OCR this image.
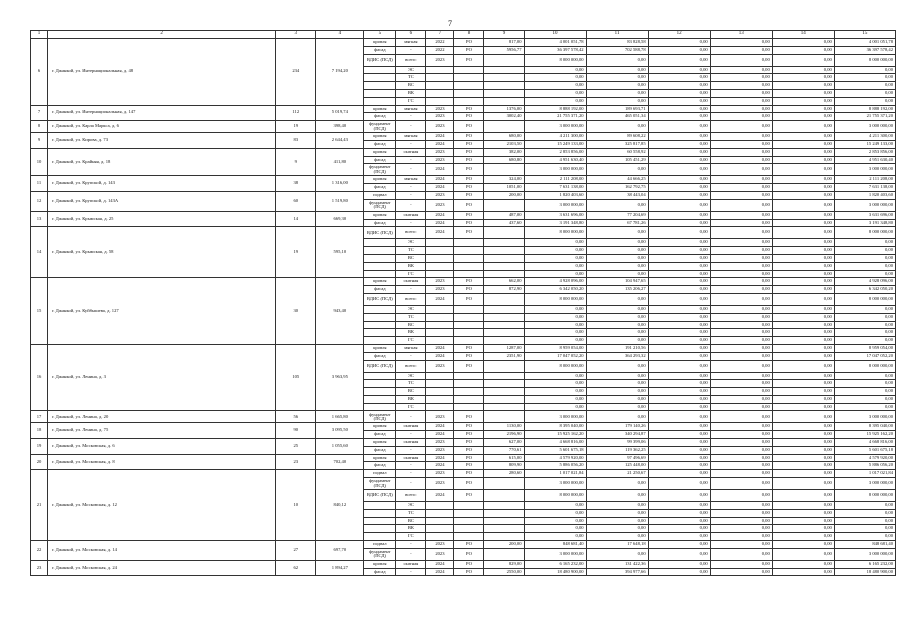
7
1	2	3	4	5	6	7	8	9	10	11	12	13	14	15
6	г. Джанкой, ул. Интернациональная, д. 48	234	7 194,20	кровля	мягкая	2022	РО	817,00	4 001 051,78	83 828,58	0,00	0,00	0,00	4 001 051,78
				фасад	-	2022	РО	5956,77	36 397 578,42	702 588,78	0,00	0,00	0,00	36 397 578,42
				ВДИС (ПСД)	всего:	2023	РО		8 000 000,00	0,00	0,00	0,00	0,00	8 000 000,00
					ЭС				0,00	0,00	0,00	0,00	0,00	0,00
					ТС				0,00	0,00	0,00	0,00	0,00	0,00
					ВС				0,00	0,00	0,00	0,00	0,00	0,00
					ВК				0,00	0,00	0,00	0,00	0,00	0,00
					ГС				0,00	0,00	0,00	0,00	0,00	0,00
7	г. Джанкой, ул. Интернациональная, д. 147	112	5 019,74	кровля	мягкая	2023	РО	1376,00	8 888 192,00	189 693,71	0,00	0,00	0,00	8 888 192,00
				фасад	-	2023	РО	3002,40	21 755 371,20	465 051,34	0,00	0,00	0,00	21 755 371,20
8	г. Джанкой, ул. Карла Маркса, д. 6	19	398,40	фундамент (ПСД)	-	2023	РО		3 000 000,00	0,00	0,00	0,00	0,00	3 000 000,00
9	г. Джанкой, ул. Кирова, д. 73	83	2 644,43	кровля	мягкая	2024	РО	680,00	4 211 300,00	89 608,22	0,00	0,00	0,00	4 211 300,00
				фасад	-	2024	РО	2103,50	15 249 133,00	325 817,85	0,00	0,00	0,00	15 249 133,00
10	г. Джанкой, ул. Крайняя, д. 18	9	411,80	кровля	скатная	2023	РО	382,00	2 853 856,00	60 558,92	0,00	0,00	0,00	2 853 856,00
				фасад	-	2023	РО	680,80	4 951 630,40	105 451,29	0,00	0,00	0,00	4 951 630,40
				фундамент (ПСД)	-	2024	РО		3 000 000,00	0,00	0,00	0,00	0,00	3 000 000,00
11	г. Джанкой, ул. Крупской, д. 143	38	1 316,00	кровля	мягкая	2024	РО	324,00	2 111 208,00	44 666,25	0,00	0,00	0,00	2 111 208,00
				фасад	-	2024	РО	1051,00	7 631 138,00	162 792,75	0,00	0,00	0,00	7 631 138,00
12	г. Джанкой, ул. Крупской, д. 143А	60	1 519,80	подвал	-	2023	РО	200,00	1 820 403,60	38 443,04	0,00	0,00	0,00	1 820 403,60
				фундамент (ПСД)	-	2023	РО		3 000 000,00	0,00	0,00	0,00	0,00	3 000 000,00
13	г. Джанкой, ул. Крымская, д. 25	14	669,30	кровля	скатная	2024	РО	487,00	3 631 696,00	77 204,69	0,00	0,00	0,00	3 631 696,00
				фасад	-	2024	РО	437,60	3 191 348,80	67 781,26	0,00	0,00	0,00	3 191 348,80
14	г. Джанкой, ул. Крымская, д. 58	19	595,10	ВДИС (ПСД)	всего:	2024	РО		8 000 000,00	0,00	0,00	0,00	0,00	8 000 000,00
					ЭС				0,00	0,00	0,00	0,00	0,00	0,00
					ТС				0,00	0,00	0,00	0,00	0,00	0,00
					ВС				0,00	0,00	0,00	0,00	0,00	0,00
					ВК				0,00	0,00	0,00	0,00	0,00	0,00
					ГС				0,00	0,00	0,00	0,00	0,00	0,00
15	г. Джанкой, ул. Куйбышева, д. 127	30	943,40	кровля	скатная	2023	РО	662,00	4 928 096,00	104 947,65	0,00	0,00	0,00	4 928 096,00
				фасад	-	2023	РО	872,90	6 342 050,20	135 206,27	0,00	0,00	0,00	6 342 050,20
				ВДИС (ПСД)	всего:	2024	РО		8 000 000,00	0,00	0,00	0,00	0,00	8 000 000,00
					ЭС				0,00	0,00	0,00	0,00	0,00	0,00
					ТС				0,00	0,00	0,00	0,00	0,00	0,00
					ВС				0,00	0,00	0,00	0,00	0,00	0,00
					ВК				0,00	0,00	0,00	0,00	0,00	0,00
					ГС				0,00	0,00	0,00	0,00	0,00	0,00
16	г. Джанкой, ул. Ленина, д. 3	105	3 963,95	кровля	мягкая	2024	РО	1287,00	8 959 054,00	191 210,56	0,00	0,00	0,00	8 959 054,00
				фасад	-	2024	РО	2351,90	17 047 052,20	364 293,32	0,00	0,00	0,00	17 047 052,20
				ВДИС (ПСД)	всего:	2023	РО		8 000 000,00	0,00	0,00	0,00	0,00	8 000 000,00
					ЭС				0,00	0,00	0,00	0,00	0,00	0,00
					ТС				0,00	0,00	0,00	0,00	0,00	0,00
					ВС				0,00	0,00	0,00	0,00	0,00	0,00
					ВК				0,00	0,00	0,00	0,00	0,00	0,00
					ГС				0,00	0,00	0,00	0,00	0,00	0,00
17	г. Джанкой, ул. Ленина, д. 20	56	1 665,80	фундамент (ПСД)	-	2023	РО		3 000 000,00	0,00	0,00	0,00	0,00	3 000 000,00
18	г. Джанкой, ул. Ленина, д. 75	90	3 095,50	кровля	скатная	2024	РО	1130,00	8 395 040,00	179 140,26	0,00	0,00	0,00	8 395 040,00
				фасад	-	2024	РО	2196,90	15 925 162,20	340 294,87	0,00	0,00	0,00	15 925 162,20
19	г. Джанкой, ул. Московская, д. 6	25	1 055,60	кровля	скатная	2023	РО	627,00	4 668 816,00	99 399,06	0,00	0,00	0,00	4 668 816,00
				фасад	-	2023	РО	770,61	5 601 675,18	119 362,25	0,00	0,00	0,00	5 601 675,18
20	г. Джанкой, ул. Московская, д. 8	23	702,40	кровля	скатная	2024	РО	615,00	4 579 920,00	97 496,69	0,00	0,00	0,00	4 579 920,00
				фасад	-	2024	РО	809,90	5 886 056,20	125 448,00	0,00	0,00	0,00	5 886 056,20
21	г. Джанкой, ул. Московская, д. 12	10	840,12	подвал	-	2023	РО	280,60	1 017 021,84	21 250,67	0,00	0,00	0,00	1 017 021,84
				фундамент (ПСД)	-	2023	РО		3 000 000,00	0,00	0,00	0,00	0,00	3 000 000,00
				ВДИС (ПСД)	всего:	2024	РО		8 000 000,00	0,00	0,00	0,00	0,00	8 000 000,00
					ЭС				0,00	0,00	0,00	0,00	0,00	0,00
					ТС				0,00	0,00	0,00	0,00	0,00	0,00
					ВС				0,00	0,00	0,00	0,00	0,00	0,00
					ВК				0,00	0,00	0,00	0,00	0,00	0,00
					ГС				0,00	0,00	0,00	0,00	0,00	0,00
22	г. Джанкой, ул. Московская, д. 14	27	697,70	подвал	-	2023	РО	200,00	848 681,40	17 648,18	0,00	0,00	0,00	848 681,40
				фундамент (ПСД)	-	2023	РО		3 000 000,00	0,00	0,00	0,00	0,00	3 000 000,00
23	г. Джанкой, ул. Московская, д. 24	62	1 894,27	кровля	скатная	2024	РО	829,00	6 165 232,00	131 422,36	0,00	0,00	0,00	6 165 232,00
				фасад	-	2024	РО	2550,00	18 480 900,00	394 977,66	0,00	0,00	0,00	18 480 900,00
